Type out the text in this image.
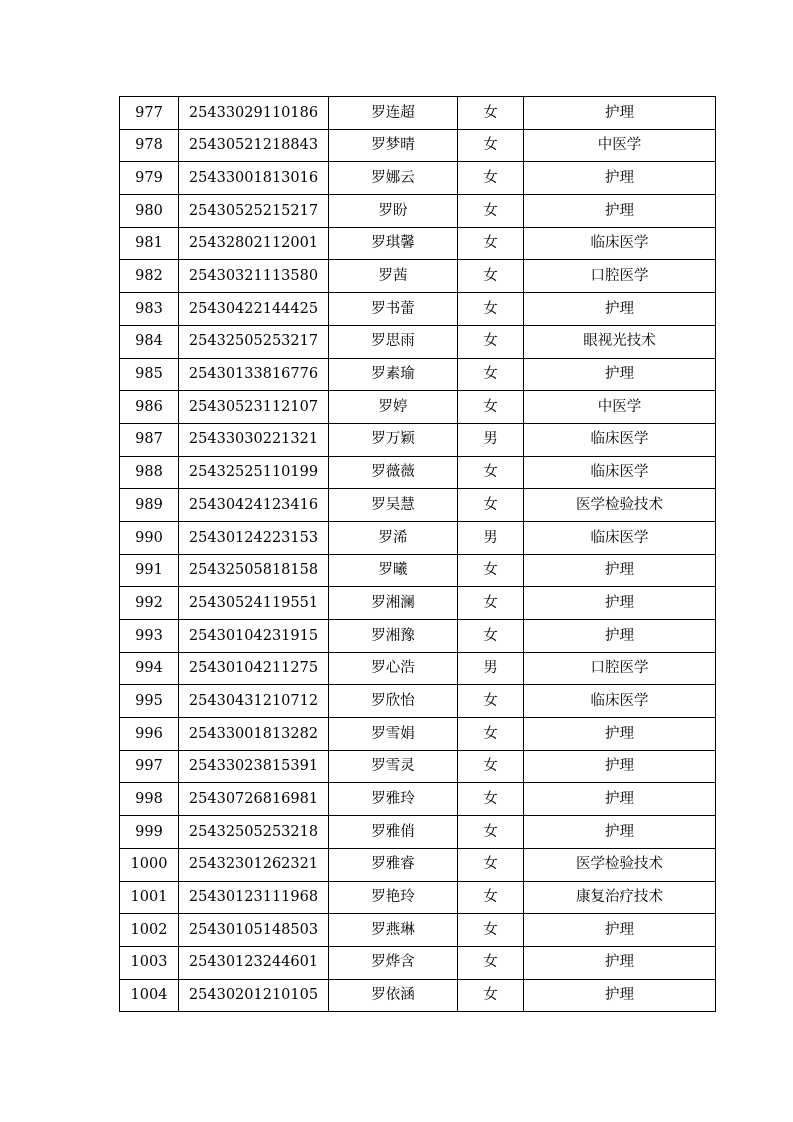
977	25433029110186	罗连超	女	护理
978	25430521218843	罗梦晴	女	中医学
979	25433001813016	罗娜云	女	护理
980	25430525215217	罗盼	女	护理
981	25432802112001	罗琪馨	女	临床医学
982	25430321113580	罗茜	女	口腔医学
983	25430422144425	罗书蕾	女	护理
984	25432505253217	罗思雨	女	眼视光技术
985	25430133816776	罗素瑜	女	护理
986	25430523112107	罗婷	女	中医学
987	25433030221321	罗万颖	男	临床医学
988	25432525110199	罗薇薇	女	临床医学
989	25430424123416	罗吴慧	女	医学检验技术
990	25430124223153	罗浠	男	临床医学
991	25432505818158	罗曦	女	护理
992	25430524119551	罗湘澜	女	护理
993	25430104231915	罗湘豫	女	护理
994	25430104211275	罗心浩	男	口腔医学
995	25430431210712	罗欣怡	女	临床医学
996	25433001813282	罗雪娟	女	护理
997	25433023815391	罗雪灵	女	护理
998	25430726816981	罗雅玲	女	护理
999	25432505253218	罗雅俏	女	护理
1000	25432301262321	罗雅睿	女	医学检验技术
1001	25430123111968	罗艳玲	女	康复治疗技术
1002	25430105148503	罗燕琳	女	护理
1003	25430123244601	罗烨含	女	护理
1004	25430201210105	罗依涵	女	护理
